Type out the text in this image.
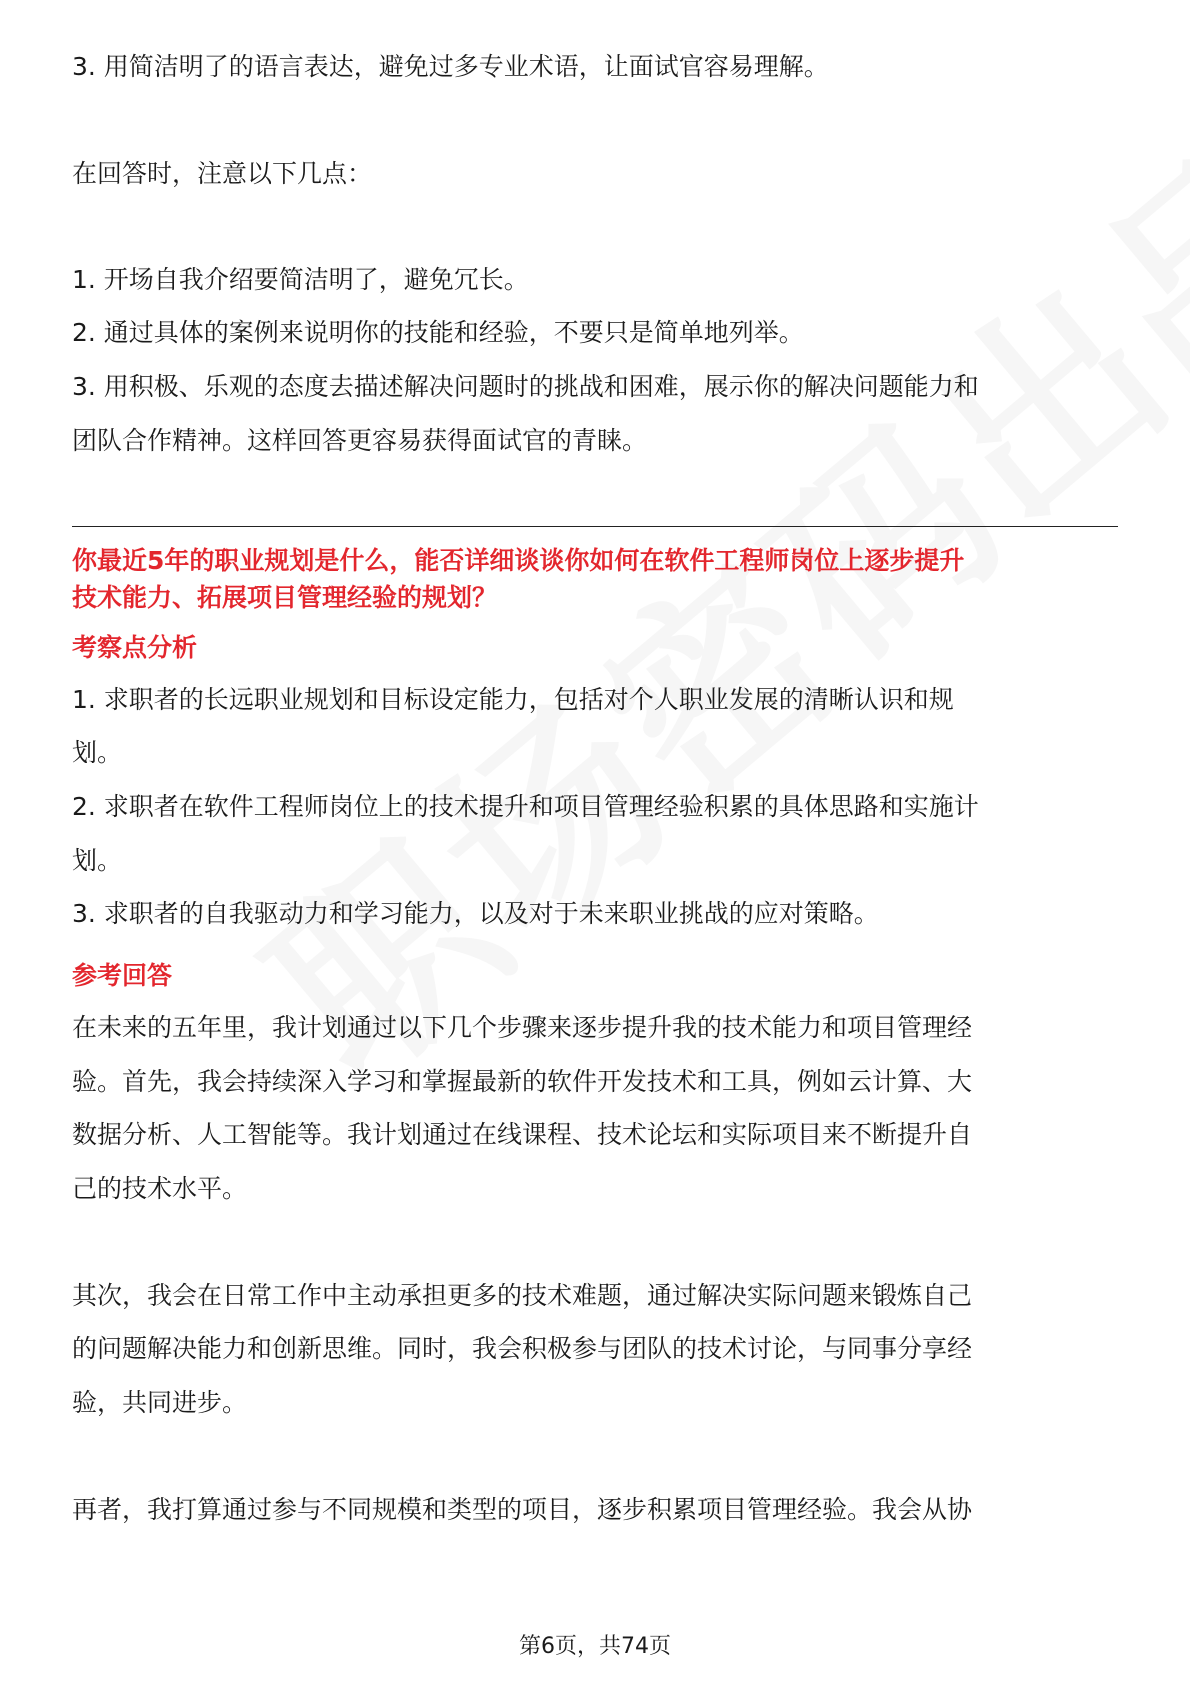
3. 用简洁明了的语言表达，避免过多专业术语，让面试官容易理解。
在回答时，注意以下几点：
1. 开场自我介绍要简洁明了，避免冗长。
2. 通过具体的案例来说明你的技能和经验，不要只是简单地列举。
3. 用积极、乐观的态度去描述解决问题时的挑战和困难，展示你的解决问题能力和
团队合作精神。这样回答更容易获得面试官的青睐。
你最近5年的职业规划是什么，能否详细谈谈你如何在软件工程师岗位上逐步提升
技术能力、拓展项目管理经验的规划？
考察点分析
1. 求职者的长远职业规划和目标设定能力，包括对个人职业发展的清晰认识和规
划。
2. 求职者在软件工程师岗位上的技术提升和项目管理经验积累的具体思路和实施计
划。
3. 求职者的自我驱动力和学习能力，以及对于未来职业挑战的应对策略。
参考回答
在未来的五年里，我计划通过以下几个步骤来逐步提升我的技术能力和项目管理经
验。首先，我会持续深入学习和掌握最新的软件开发技术和工具，例如云计算、大
数据分析、人工智能等。我计划通过在线课程、技术论坛和实际项目来不断提升自
己的技术水平。
其次，我会在日常工作中主动承担更多的技术难题，通过解决实际问题来锻炼自己
的问题解决能力和创新思维。同时，我会积极参与团队的技术讨论，与同事分享经
验，共同进步。
再者，我打算通过参与不同规模和类型的项目，逐步积累项目管理经验。我会从协
第6页，共74页
